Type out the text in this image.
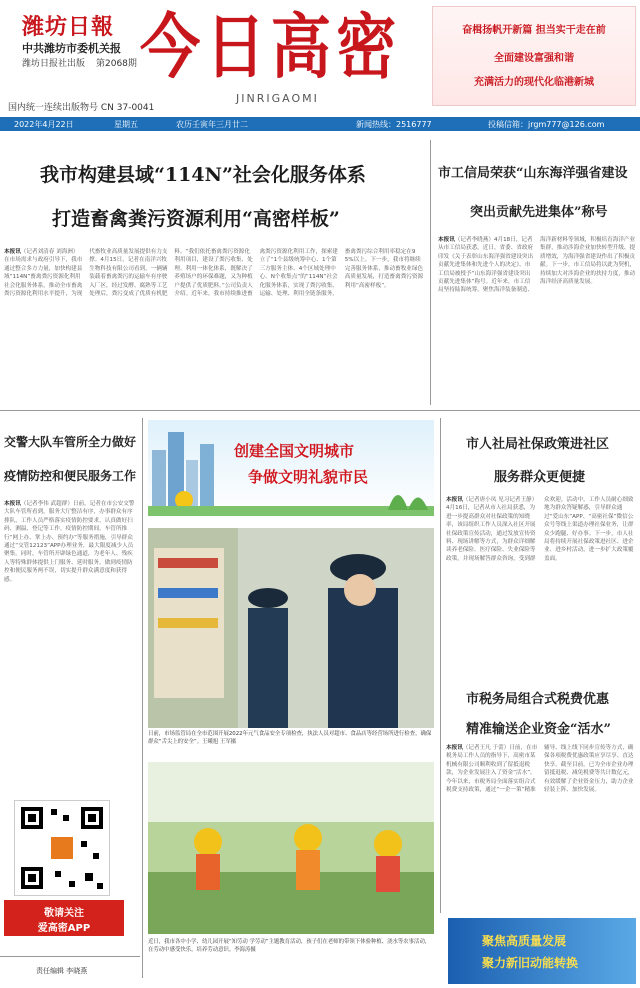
潍坊日報
中共潍坊市委机关报
潍坊日报社出版 第2068期 今日高密
JINRIGAOMI
国内统一连续出版物号 CN 37-0041
奋楫扬帆开新篇 担当实干走在前
全面建设富强和谐
充满活力的现代化临港新城
2022年4月22日	星期五	农历壬寅年三月廿二	新闻热线：2516777	投稿信箱：jrgm777@126.com
我市构建县域“114N”社会化服务体系
打造畜禽粪污资源利用“高密样板”
本报讯（记者刘清春 刘海洲）在市场需求与政府引导下，我市通过整合多方力量，加快构建县域“114N”畜禽粪污资源化利用社会化服务体系，推动全市畜禽粪污资源化利用水平提升，为现代畜牧业高质量发展提供有力支撑。4月15日，记者在南洋兴牧生物科技有限公司看到，一辆辆装载着畜禽粪污的运输车有序驶入厂区，经过发酵、腐熟等工艺处理后，粪污变成了优质有机肥料。“我们依托畜禽粪污资源化利用项目，建设了粪污收集、处理、利用一体化体系，既解决了养殖场户的环保难题，又为种植户提供了优质肥料。”公司负责人介绍。近年来，我市持续推进畜禽粪污资源化利用工作，探索建立了“1个县级统筹中心、1个第三方服务主体、4个区域处理中心、N个收集点”的“114N”社会化服务体系，实现了粪污收集、运输、处理、利用全链条服务，畜禽粪污综合利用率稳定在95%以上。下一步，我市将继续完善服务体系，推动畜牧业绿色高质量发展，打造畜禽粪污资源利用“高密样板”。
市工信局荣获“山东海洋强省建设
突出贡献先进集体”称号
本报讯（记者李晓燕）4月18日，记者从市工信局获悉，近日，省委、省政府印发《关于表彰山东海洋强省建设突出贡献先进集体和先进个人的决定》，市工信局被授予“山东海洋强省建设突出贡献先进集体”称号。近年来，市工信局坚持陆海统筹，聚焦海洋装备制造、海洋新材料等领域，积极培育海洋产业集群，推动涉海企业加快转型升级、提质增效，为海洋强省建设作出了积极贡献。下一步，市工信局将以此为契机，持续加大对涉海企业的扶持力度，推动海洋经济高质量发展。
交警大队车管所全力做好
疫情防控和便民服务工作
本报讯（记者李伟 武超群）日前，记者在市公安交警大队车管所看到，服务大厅整洁有序，办事群众有序排队，工作人员严格落实疫情防控要求，认真做好扫码、测温、登记等工作。疫情防控期间，车管所推行“网上办、掌上办、预约办”等服务措施，引导群众通过“交管12123”APP办理业务，最大限度减少人员聚集。同时，车管所开辟绿色通道，为老年人、残疾人等特殊群体提供上门服务、延时服务，做到疫情防控和便民服务两不误，切实提升群众满意度和获得感。
创建全国文明城市
争做文明礼貌市民
市人社局社保政策进社区
服务群众更便捷
本报讯（记者唐小凤 见习记者王静）4月16日，记者从市人社局获悉，为进一步提高群众对社保政策的知晓率，该局组织工作人员深入社区开展社保政策宣传活动，通过发放宣传资料、现场讲解等方式，为群众详细解读养老保险、医疗保险、失业保险等政策，并现场解答群众咨询，受到群众欢迎。活动中，工作人员耐心细致地为群众答疑解惑，引导群众通过“爱山东”APP、“高密社保”微信公众号等线上渠道办理社保业务，让群众少跑腿、好办事。下一步，市人社局将持续开展社保政策进社区、进企业、进乡村活动，进一步扩大政策覆盖面。
日前，市场监管局在全市范围开展2022年元气食品安全专项检查，执法人员对超市、食品店等经营场所进行检查，确保群众“舌尖上的安全”。王曦旭 王军摄
市税务局组合式税费优惠
精准输送企业资金“活水”
本报讯（记者王凡 于蕾）日前，在市税务局工作人员的指导下，高密市某机械有限公司顺利收到了留抵退税款，为企业发展注入了资金“活水”。今年以来，市税务局全面落实组合式税费支持政策，通过“一企一策”精准辅导、线上线下同步宣传等方式，确保各项税费优惠政策应享尽享、直达快享。截至目前，已为全市企业办理留抵退税、减免税费等共计数亿元，有效缓解了企业资金压力，助力企业轻装上阵、加快发展。
近日，我市各中小学、幼儿园开展“知劳动 学劳动”主题教育活动，孩子们在老师的带领下体验种植、浇水等农事活动，在劳动中感受快乐，培养劳动意识。李海涛摄
敬请关注
爱高密APP
责任编辑 李晓燕
聚焦高质量发展
聚力新旧动能转换
